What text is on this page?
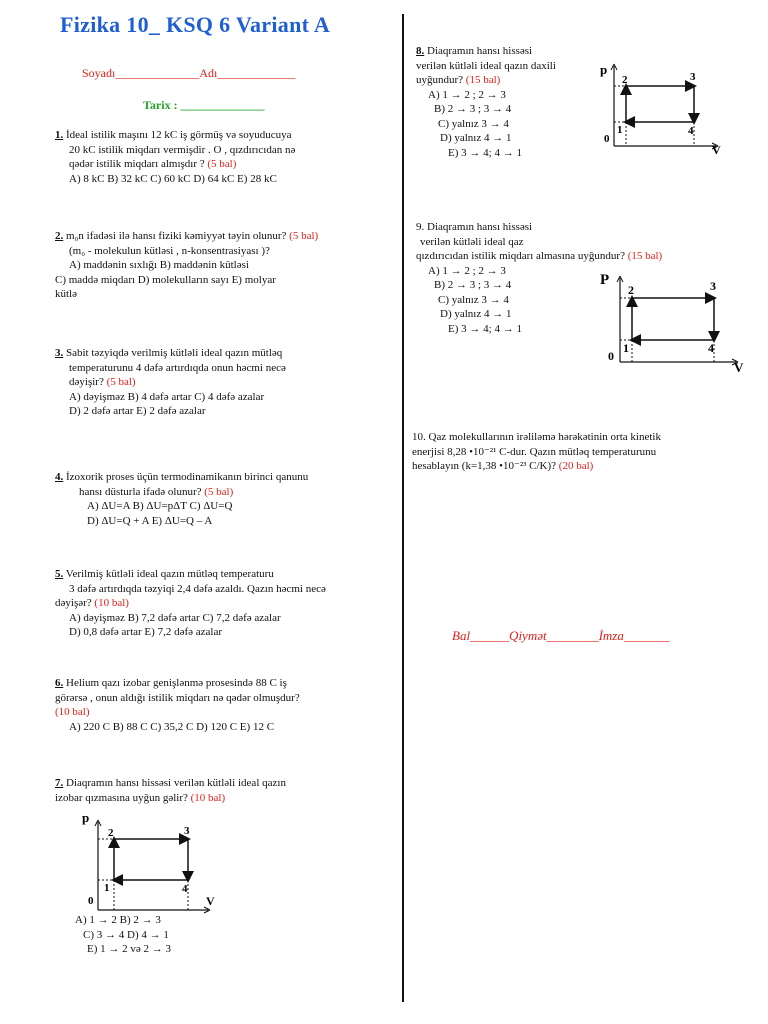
Fizika 10_ KSQ 6 Variant A
Soyadı______________Adı_____________
Tarix : ______________
1. İdeal istilik maşını 12 kC iş görmüş və soyuducuya
20 kC istilik miqdarı vermişdir . O , qızdırıcıdan nə
qədər istilik miqdarı almışdır ? (5 bal)
A) 8 kC B) 32 kC C) 60 kC D) 64 kC E) 28 kC
2. m₀n ifadəsi ilə hansı fiziki kəmiyyət təyin olunur? (5 bal)
(m₀ - molekulun kütləsi , n-konsentrasiyası )?
A) maddənin sıxlığı B) maddənin kütləsi
C) maddə miqdarı D) molekulların sayı E) molyar
kütlə
3. Sabit təzyiqdə verilmiş kütləli ideal qazın mütləq
temperaturunu 4 dəfə artırdıqda onun həcmi necə
dəyişir? (5 bal)
A) dəyişməz B) 4 dəfə artar C) 4 dəfə azalar
D) 2 dəfə artar E) 2 dəfə azalar
4. İzoxorik proses üçün termodinamikanın birinci qanunu
hansı düsturla ifadə olunur? (5 bal)
A) ΔU=A B) ΔU=pΔT C) ΔU=Q
D) ΔU=Q + A E) ΔU=Q – A
5. Verilmiş kütləli ideal qazın mütləq temperaturu
3 dəfə artırdıqda təzyiqi 2,4 dəfə azaldı. Qazın həcmi necə
dəyişər? (10 bal)
A) dəyişməz B) 7,2 dəfə artar C) 7,2 dəfə azalar
D) 0,8 dəfə artar E) 7,2 dəfə azalar
6. Helium qazı izobar genişlənmə prosesində 88 C iş
görərsə , onun aldığı istilik miqdarı nə qədər olmuşdur?
(10 bal)
A) 220 C B) 88 C C) 35,2 C D) 120 C E) 12 C
7. Diaqramın hansı hissəsi verilən kütləli ideal qazın
izobar qızmasına uyğun gəlir? (10 bal)
p
V
0
1
2	3
4
A) 1 → 2 B) 2 → 3
C) 3 → 4 D) 4 → 1
E) 1 → 2 və 2 → 3
8. Diaqramın hansı hissəsi
verilən kütləli ideal qazın daxili
uyğundur? (15 bal)
A) 1 → 2 ; 2 → 3
B) 2 → 3 ; 3 → 4
C) yalnız 3 → 4
D) yalnız 4 → 1
E) 3 → 4; 4 → 1
p
V
0
1
2	3
4
9. Diaqramın hansı hissəsi
verilən kütləli ideal qaz
qızdırıcıdan istilik miqdarı almasına uyğundur? (15 bal)
A) 1 → 2 ; 2 → 3
B) 2 → 3 ; 3 → 4
C) yalnız 3 → 4
D) yalnız 4 → 1
E) 3 → 4; 4 → 1
P
V
0
1
2	3
4
10. Qaz molekullarının irəliləmə hərəkətinin orta kinetik
enerjisi 8,28 •10⁻²¹ C-dur. Qazın mütləq temperaturunu
hesablayın (k=1,38 •10⁻²³ C/K)? (20 bal)
Bal______Qiymət________İmza_______
